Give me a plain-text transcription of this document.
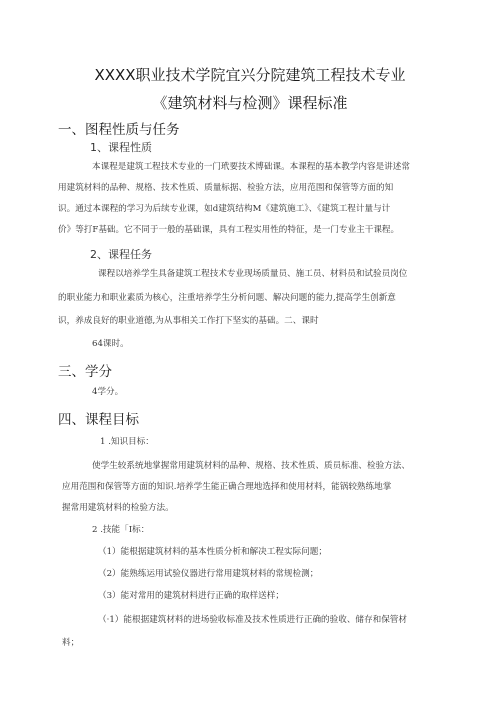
XXXX职业技术学院宜兴分院建筑工程技术专业
《建筑材料与检测》课程标准
一、图程性质与任务
1、课程性质
本课程是建筑工程技术专业的一门玳要技术博础课。本课程的基本教学内容是讲述常
用建筑材料的品种、规格、技术性质、质量标据、检验方法，应用范围和保管等方面的知
识。通过本课程的学习为后续专业课，如d建筑结构M《建筑施工》、《建筑工程计量与计
价》等打F基础。它不同于一般的基础课，具有工程实用性的特征，是一门专业主干课程。
2、课程任务
课程以培养学生具备建筑工程技术专业现场质量员、施工员、材料员和试验员岗位
的职业能力和职业素质为核心，注重培养学生分析问题、解决问题的能力,提高学生创新意
识，养成良好的职业道德,为从事相关工作打下坚实的基础。二、课时
64课时。
三、学分
4学分。
四、课程目标
1 .知识目标：
使学生较系统地掌握常用建筑材料的品种、规格、技术性质、质员标准、检验方法、
应用范围和保管等方面的知识.培养学生能正确合理地选择和使用材料，能锅较熟练地掌
握常用建筑材料的检验方法。
2 .技能「I标：
（1）能根据建筑材料的基本性质分析和解决工程实际问题；
（2）能熟练运用试验仪器进行常用建筑材料的常规检测；
（3）能对常用的建筑材料进行正确的取样送样；
（·1）能根据建筑材料的进场验收标准及技术性质进行正确的验收、储存和保管材
料；
